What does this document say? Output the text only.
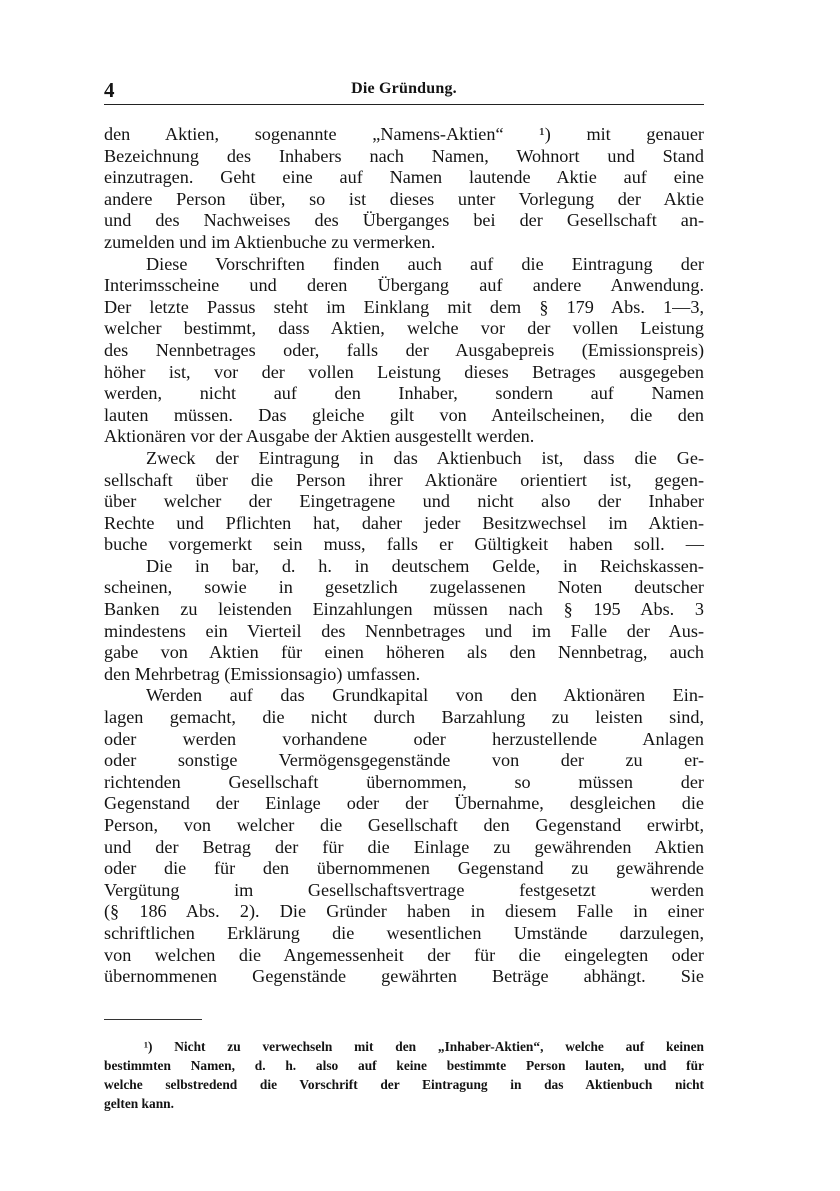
4	Die Gründung.
den Aktien, sogenannte „Namens-Aktien“ ¹) mit genauer
Bezeichnung des Inhabers nach Namen, Wohnort und Stand
einzutragen. Geht eine auf Namen lautende Aktie auf eine
andere Person über, so ist dieses unter Vorlegung der Aktie
und des Nachweises des Überganges bei der Gesellschaft an-
zumelden und im Aktienbuche zu vermerken.
Diese Vorschriften finden auch auf die Eintragung der
Interimsscheine und deren Übergang auf andere Anwendung.
Der letzte Passus steht im Einklang mit dem § 179 Abs. 1—3,
welcher bestimmt, dass Aktien, welche vor der vollen Leistung
des Nennbetrages oder, falls der Ausgabepreis (Emissionspreis)
höher ist, vor der vollen Leistung dieses Betrages ausgegeben
werden, nicht auf den Inhaber, sondern auf Namen
lauten müssen. Das gleiche gilt von Anteilscheinen, die den
Aktionären vor der Ausgabe der Aktien ausgestellt werden.
Zweck der Eintragung in das Aktienbuch ist, dass die Ge-
sellschaft über die Person ihrer Aktionäre orientiert ist, gegen-
über welcher der Eingetragene und nicht also der Inhaber
Rechte und Pflichten hat, daher jeder Besitzwechsel im Aktien-
buche vorgemerkt sein muss, falls er Gültigkeit haben soll. —
Die in bar, d. h. in deutschem Gelde, in Reichskassen-
scheinen, sowie in gesetzlich zugelassenen Noten deutscher
Banken zu leistenden Einzahlungen müssen nach § 195 Abs. 3
mindestens ein Vierteil des Nennbetrages und im Falle der Aus-
gabe von Aktien für einen höheren als den Nennbetrag, auch
den Mehrbetrag (Emissionsagio) umfassen.
Werden auf das Grundkapital von den Aktionären Ein-
lagen gemacht, die nicht durch Barzahlung zu leisten sind,
oder werden vorhandene oder herzustellende Anlagen
oder sonstige Vermögensgegenstände von der zu er-
richtenden Gesellschaft übernommen, so müssen der
Gegenstand der Einlage oder der Übernahme, desgleichen die
Person, von welcher die Gesellschaft den Gegenstand erwirbt,
und der Betrag der für die Einlage zu gewährenden Aktien
oder die für den übernommenen Gegenstand zu gewährende
Vergütung im Gesellschaftsvertrage festgesetzt werden
(§ 186 Abs. 2). Die Gründer haben in diesem Falle in einer
schriftlichen Erklärung die wesentlichen Umstände darzulegen,
von welchen die Angemessenheit der für die eingelegten oder
übernommenen Gegenstände gewährten Beträge abhängt. Sie
¹) Nicht zu verwechseln mit den „Inhaber-Aktien“, welche auf keinen
bestimmten Namen, d. h. also auf keine bestimmte Person lauten, und für
welche selbstredend die Vorschrift der Eintragung in das Aktienbuch nicht
gelten kann.
